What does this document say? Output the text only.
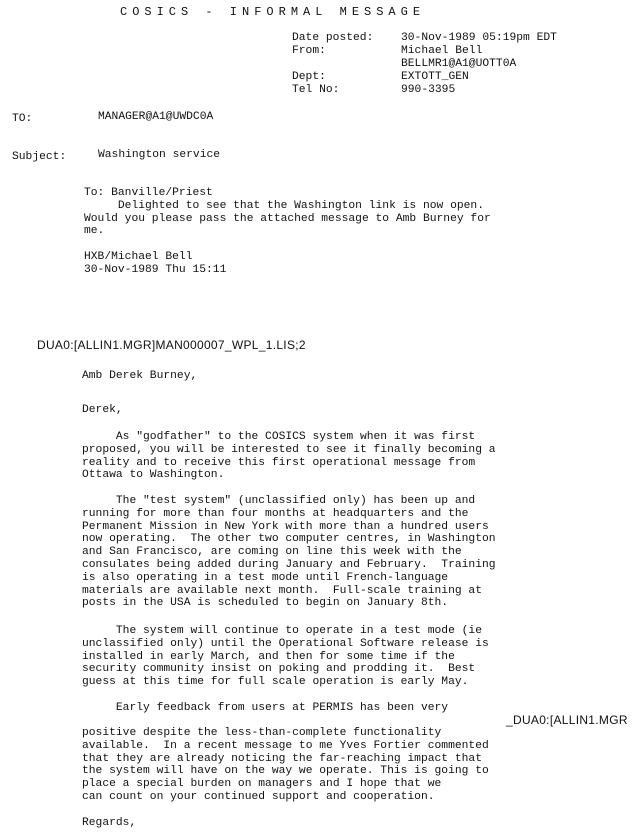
COSICS - INFORMAL MESSAGE
Date posted: 30-Nov-1989 05:19pm EDT
From:	Michael Bell
BELLMR1@A1@UOTT0A
Dept:	EXTOTT_GEN
Tel No:	990-3395
TO:	MANAGER@A1@UWDC0A
Subject:	Washington service
To: Banville/Priest
Delighted to see that the Washington link is now open.
Would you please pass the attached message to Amb Burney for
me.
HXB/Michael Bell
30-Nov-1989 Thu 15:11
DUA0:[ALLIN1.MGR]MAN000007_WPL_1.LIS;2
Amb Derek Burney,
Derek,
As "godfather" to the COSICS system when it was first
proposed, you will be interested to see it finally becoming a
reality and to receive this first operational message from
Ottawa to Washington.
The "test system" (unclassified only) has been up and
running for more than four months at headquarters and the
Permanent Mission in New York with more than a hundred users
now operating.  The other two computer centres, in Washington
and San Francisco, are coming on line this week with the
consulates being added during January and February.  Training
is also operating in a test mode until French-language
materials are available next month.  Full-scale training at
posts in the USA is scheduled to begin on January 8th.
The system will continue to operate in a test mode (ie
unclassified only) until the Operational Software release is
installed in early March, and then for some time if the
security community insist on poking and prodding it.  Best
guess at this time for full scale operation is early May.
Early feedback from users at PERMIS has been very
_DUA0:[ALLIN1.MGR
positive despite the less-than-complete functionality
available.  In a recent message to me Yves Fortier commented
that they are already noticing the far-reaching impact that
the system will have on the way we operate. This is going to
place a special burden on managers and I hope that we
can count on your continued support and cooperation.
Regards,
